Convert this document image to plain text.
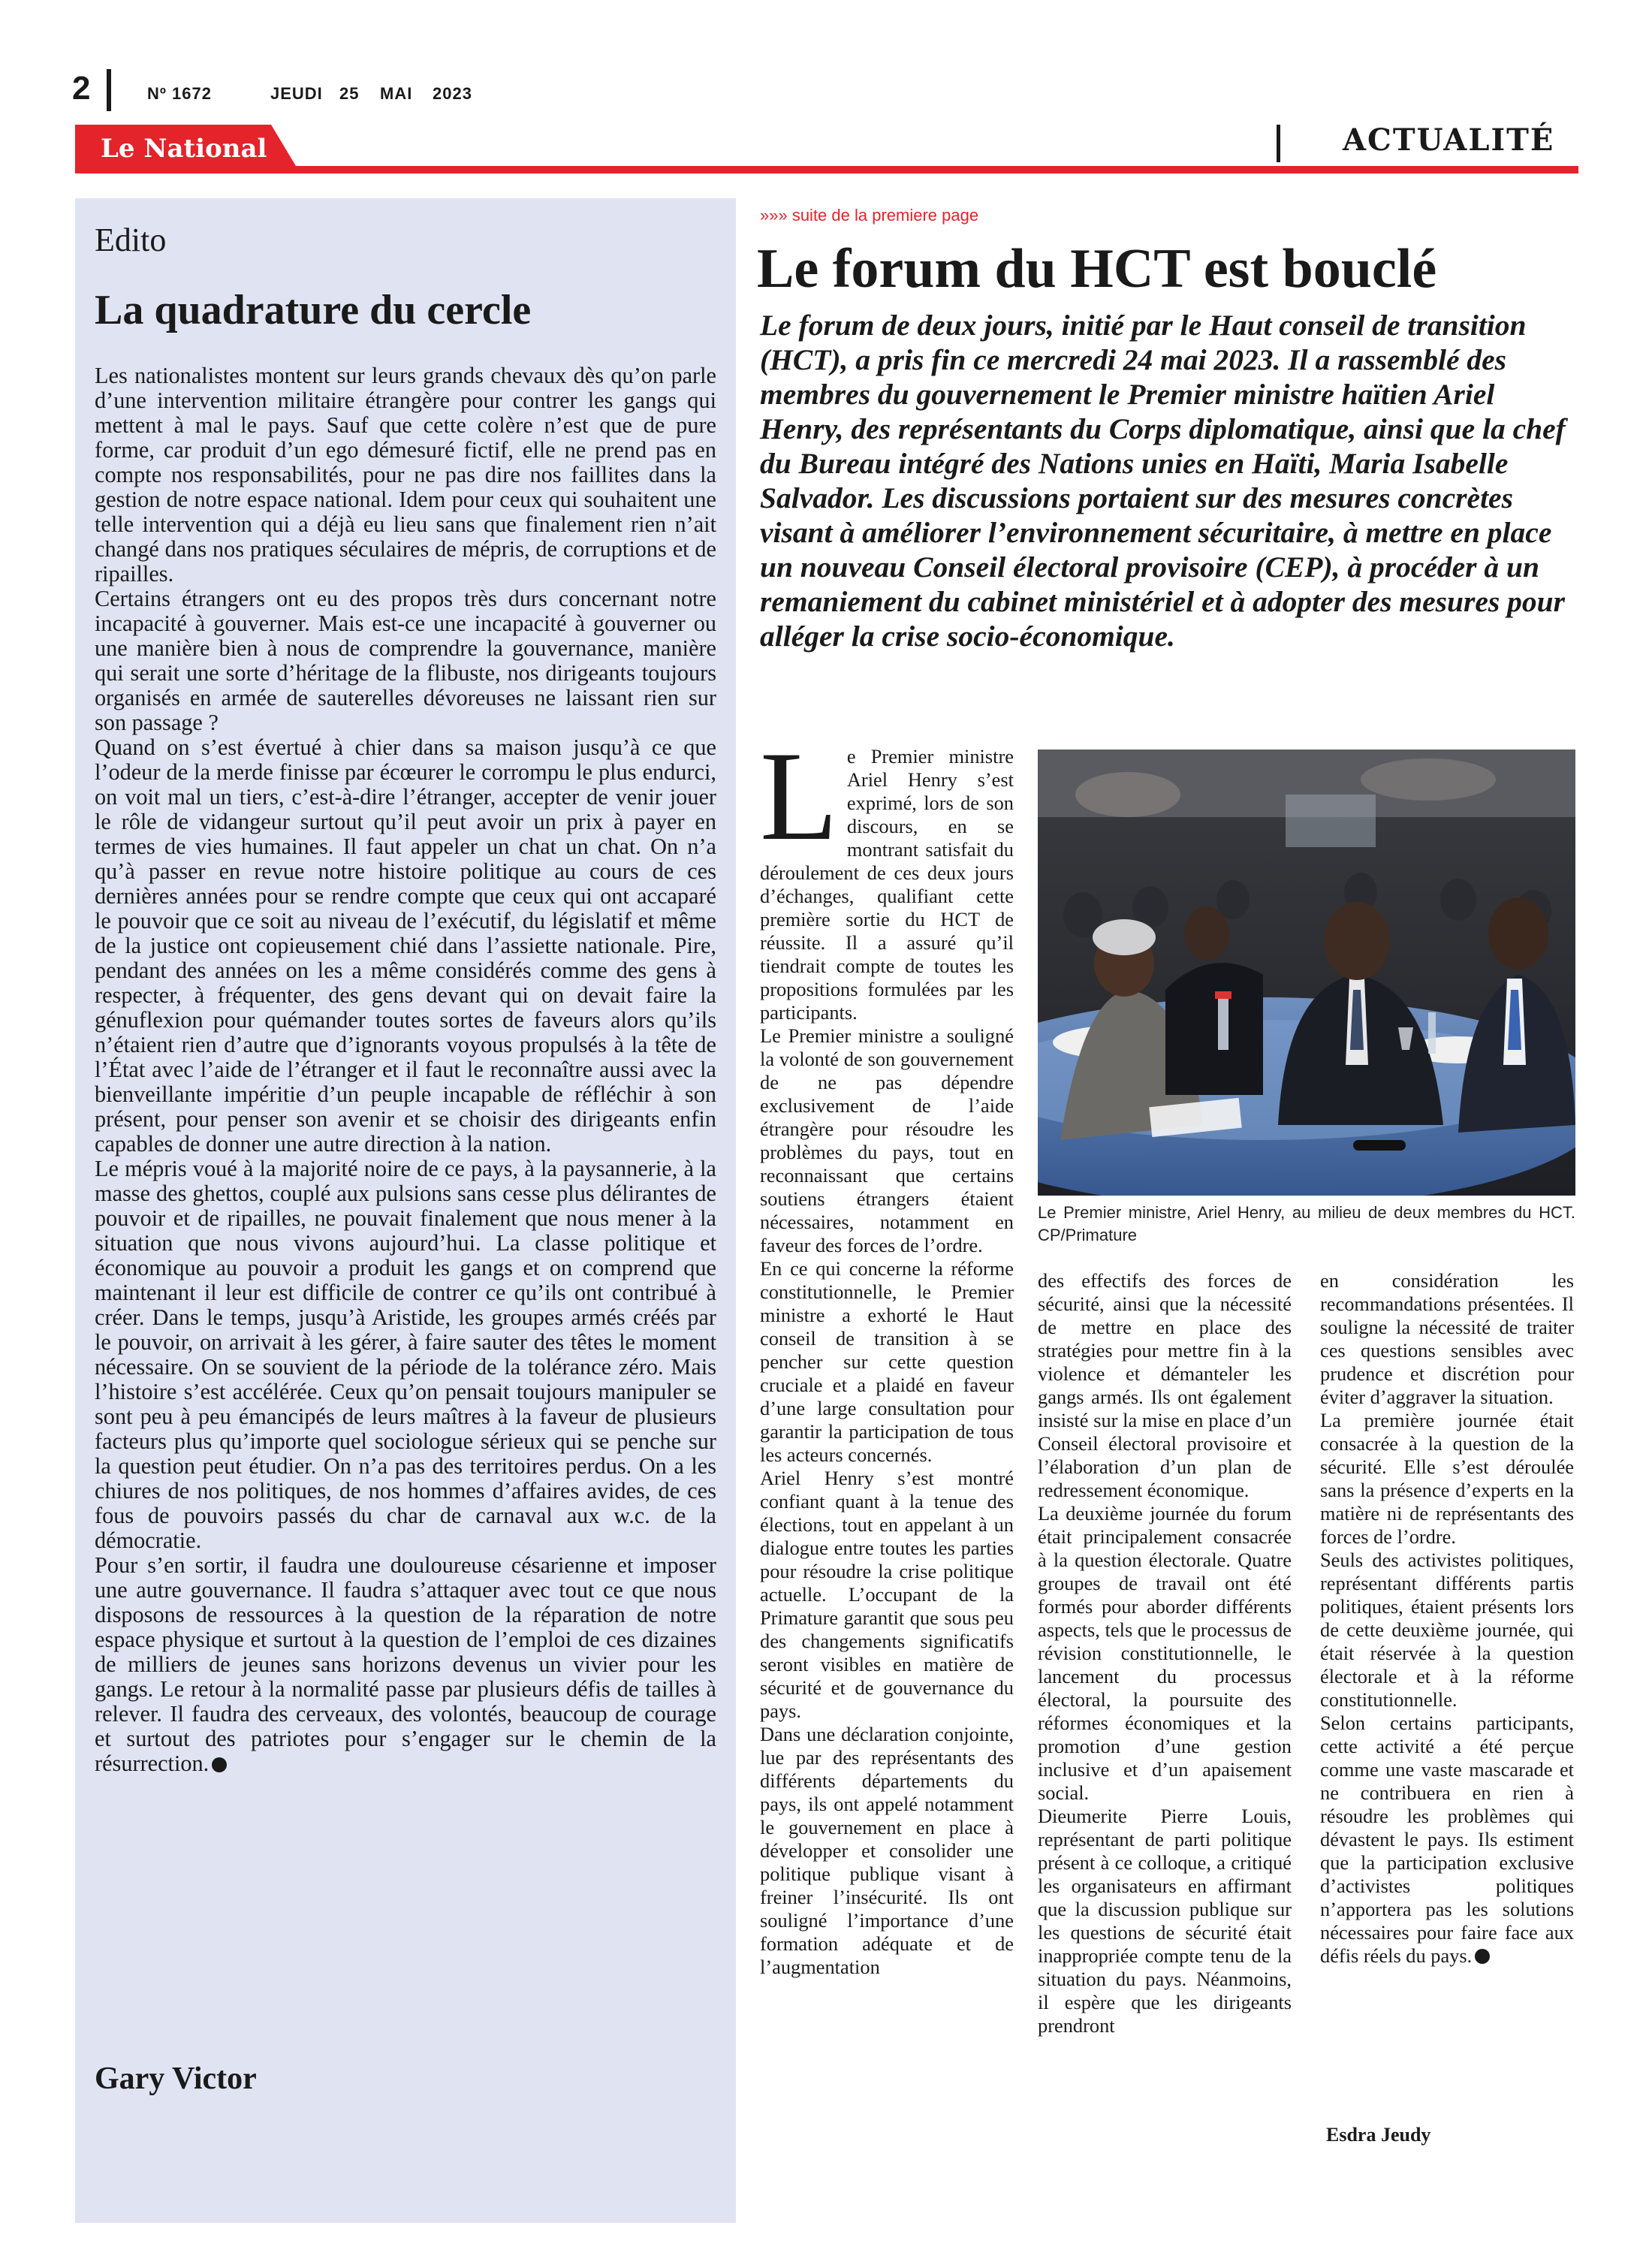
2	Nº 1672	JEUDI 25 MAI 2023
Le National	ACTUALITÉ
Edito
La quadrature du cercle

Les nationalistes montent sur leurs grands chevaux dès qu’on parle d’une intervention militaire étrangère pour contrer les gangs qui mettent à mal le pays. Sauf que cette colère n’est que de pure forme, car produit d’un ego démesuré fictif, elle ne prend pas en compte nos responsabilités, pour ne pas dire nos faillites dans la gestion de notre espace national. Idem pour ceux qui souhaitent une telle intervention qui a déjà eu lieu sans que finalement rien n’ait changé dans nos pratiques séculaires de mépris, de corruptions et de ripailles.

Certains étrangers ont eu des propos très durs concernant notre incapacité à gouverner. Mais est-ce une incapacité à gouverner ou une manière bien à nous de comprendre la gouvernance, manière qui serait une sorte d’héritage de la flibuste, nos dirigeants toujours organisés en armée de sauterelles dévoreuses ne laissant rien sur son passage ?

Quand on s’est évertué à chier dans sa maison jusqu’à ce que l’odeur de la merde finisse par écœurer le corrompu le plus endurci, on voit mal un tiers, c’est-à-dire l’étranger, accepter de venir jouer le rôle de vidangeur surtout qu’il peut avoir un prix à payer en termes de vies humaines. Il faut appeler un chat un chat. On n’a qu’à passer en revue notre histoire politique au cours de ces dernières années pour se rendre compte que ceux qui ont accaparé le pouvoir que ce soit au niveau de l’exécutif, du législatif et même de la justice ont copieusement chié dans l’assiette nationale. Pire, pendant des années on les a même considérés comme des gens à respecter, à fréquenter, des gens devant qui on devait faire la génuflexion pour quémander toutes sortes de faveurs alors qu’ils n’étaient rien d’autre que d’ignorants voyous propulsés à la tête de l’État avec l’aide de l’étranger et il faut le reconnaître aussi avec la bienveillante impéritie d’un peuple incapable de réfléchir à son présent, pour penser son avenir et se choisir des dirigeants enfin capables de donner une autre direction à la nation.

Le mépris voué à la majorité noire de ce pays, à la paysannerie, à la masse des ghettos, couplé aux pulsions sans cesse plus délirantes de pouvoir et de ripailles, ne pouvait finalement que nous mener à la situation que nous vivons aujourd’hui. La classe politique et économique au pouvoir a produit les gangs et on comprend que maintenant il leur est difficile de contrer ce qu’ils ont contribué à créer. Dans le temps, jusqu’à Aristide, les groupes armés créés par le pouvoir, on arrivait à les gérer, à faire sauter des têtes le moment nécessaire. On se souvient de la période de la tolérance zéro. Mais l’histoire s’est accélérée. Ceux qu’on pensait toujours manipuler se sont peu à peu émancipés de leurs maîtres à la faveur de plusieurs facteurs plus qu’importe quel sociologue sérieux qui se penche sur la question peut étudier. On n’a pas des territoires perdus. On a les chiures de nos politiques, de nos hommes d’affaires avides, de ces fous de pouvoirs passés du char de carnaval aux w.c. de la démocratie.

Pour s’en sortir, il faudra une douloureuse césarienne et imposer une autre gouvernance. Il faudra s’attaquer avec tout ce que nous disposons de ressources à la question de la réparation de notre espace physique et surtout à la question de l’emploi de ces dizaines de milliers de jeunes sans horizons devenus un vivier pour les gangs. Le retour à la normalité passe par plusieurs défis de tailles à relever. Il faudra des cerveaux, des volontés, beaucoup de courage et surtout des patriotes pour s’engager sur le chemin de la résurrection.

Gary Victor
»»» suite de la premiere page
Le forum du HCT est bouclé
Le forum de deux jours, initié par le Haut conseil de transition (HCT), a pris fin ce mercredi 24 mai 2023. Il a rassemblé des membres du gouvernement le Premier ministre haïtien Ariel Henry, des représentants du Corps diplomatique, ainsi que la chef du Bureau intégré des Nations unies en Haïti, Maria Isabelle Salvador. Les discussions portaient sur des mesures concrètes visant à améliorer l’environnement sécuritaire, à mettre en place un nouveau Conseil électoral provisoire (CEP), à procéder à un remaniement du cabinet ministériel et à adopter des mesures pour alléger la crise socio-économique.

Le Premier ministre Ariel Henry s’est exprimé, lors de son discours, en se montrant satisfait du déroulement de ces deux jours d’échanges, qualifiant cette première sortie du HCT de réussite. Il a assuré qu’il tiendrait compte de toutes les propositions formulées par les participants.

Le Premier ministre a souligné la volonté de son gouvernement de ne pas dépendre exclusivement de l’aide étrangère pour résoudre les problèmes du pays, tout en reconnaissant que certains soutiens étrangers étaient nécessaires, notamment en faveur des forces de l’ordre.

En ce qui concerne la réforme constitutionnelle, le Premier ministre a exhorté le Haut conseil de transition à se pencher sur cette question cruciale et a plaidé en faveur d’une large consultation pour garantir la participation de tous les acteurs concernés.

Ariel Henry s’est montré confiant quant à la tenue des élections, tout en appelant à un dialogue entre toutes les parties pour résoudre la crise politique actuelle. L’occupant de la Primature garantit que sous peu des changements significatifs seront visibles en matière de sécurité et de gouvernance du pays.

Dans une déclaration conjointe, lue par des représentants des différents départements du pays, ils ont appelé notamment le gouvernement en place à développer et consolider une politique publique visant à freiner l’insécurité. Ils ont souligné l’importance d’une formation adéquate et de l’augmentation

Le Premier ministre, Ariel Henry, au milieu de deux membres du HCT. CP/Primature

des effectifs des forces de sécurité, ainsi que la nécessité de mettre en place des stratégies pour mettre fin à la violence et démanteler les gangs armés. Ils ont également insisté sur la mise en place d’un Conseil électoral provisoire et l’élaboration d’un plan de redressement économique.

La deuxième journée du forum était principalement consacrée à la question électorale. Quatre groupes de travail ont été formés pour aborder différents aspects, tels que le processus de révision constitutionnelle, le lancement du processus électoral, la poursuite des réformes économiques et la promotion d’une gestion inclusive et d’un apaisement social.

Dieumerite Pierre Louis, représentant de parti politique présent à ce colloque, a critiqué les organisateurs en affirmant que la discussion publique sur les questions de sécurité était inappropriée compte tenu de la situation du pays. Néanmoins, il espère que les dirigeants prendront

en considération les recommandations présentées. Il souligne la nécessité de traiter ces questions sensibles avec prudence et discrétion pour éviter d’aggraver la situation.

La première journée était consacrée à la question de la sécurité. Elle s’est déroulée sans la présence d’experts en la matière ni de représentants des forces de l’ordre.

Seuls des activistes politiques, représentant différents partis politiques, étaient présents lors de cette deuxième journée, qui était réservée à la question électorale et à la réforme constitutionnelle.

Selon certains participants, cette activité a été perçue comme une vaste mascarade et ne contribuera en rien à résoudre les problèmes qui dévastent le pays. Ils estiment que la participation exclusive d’activistes politiques n’apportera pas les solutions nécessaires pour faire face aux défis réels du pays.

Esdra Jeudy
